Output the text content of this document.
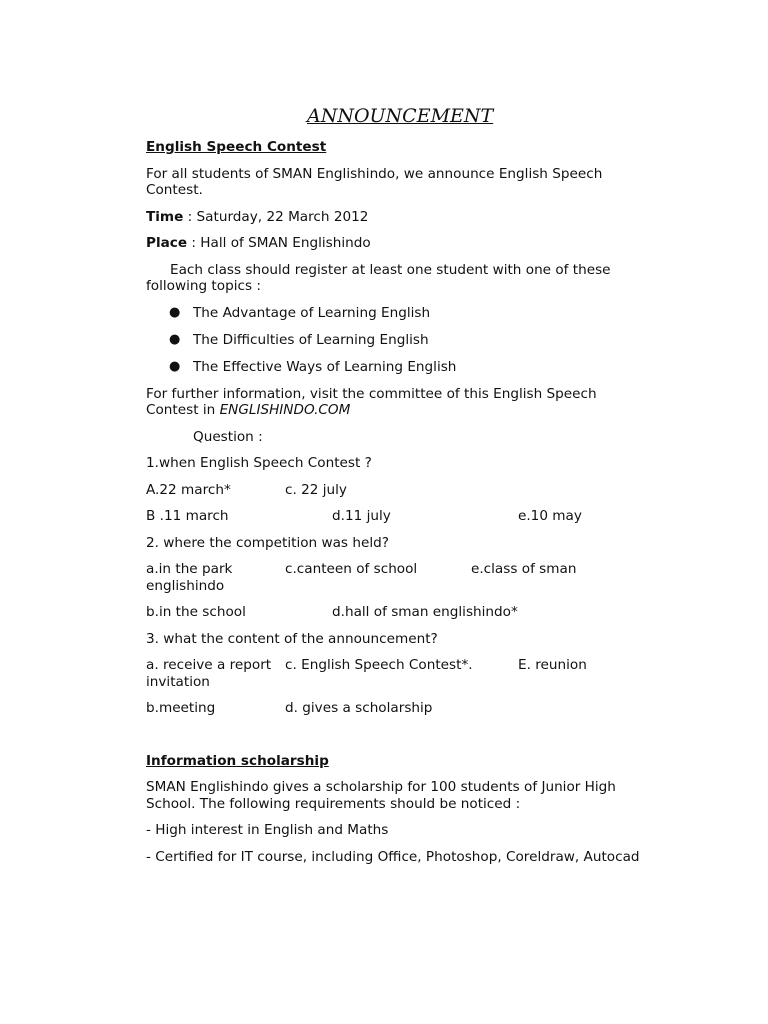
ANNOUNCEMENT
English Speech Contest

For all students of SMAN Englishindo, we announce English Speech Contest.

Time : Saturday, 22 March 2012

Place : Hall of SMAN Englishindo

Each class should register at least one student with one of these following topics :

● The Advantage of Learning English
● The Difficulties of Learning English
● The Effective Ways of Learning English

For further information, visit the committee of this English Speech Contest in ENGLISHINDO.COM

Question :

1.when English Speech Contest ?

A.22 march*	c. 22 july
B .11 march	d.11 july	e.10 may

2. where the competition was held?

a.in the park	c.canteen of school	e.class of sman
englishindo
b.in the school	d.hall of sman englishindo*

3. what the content of the announcement?

a. receive a report c. English Speech Contest*.	E. reunion
invitation
b.meeting	d. gives a scholarship
Information scholarship

SMAN Englishindo gives a scholarship for 100 students of Junior High School. The following requirements should be noticed :

- High interest in English and Maths

- Certified for IT course, including Office, Photoshop, Coreldraw, Autocad
